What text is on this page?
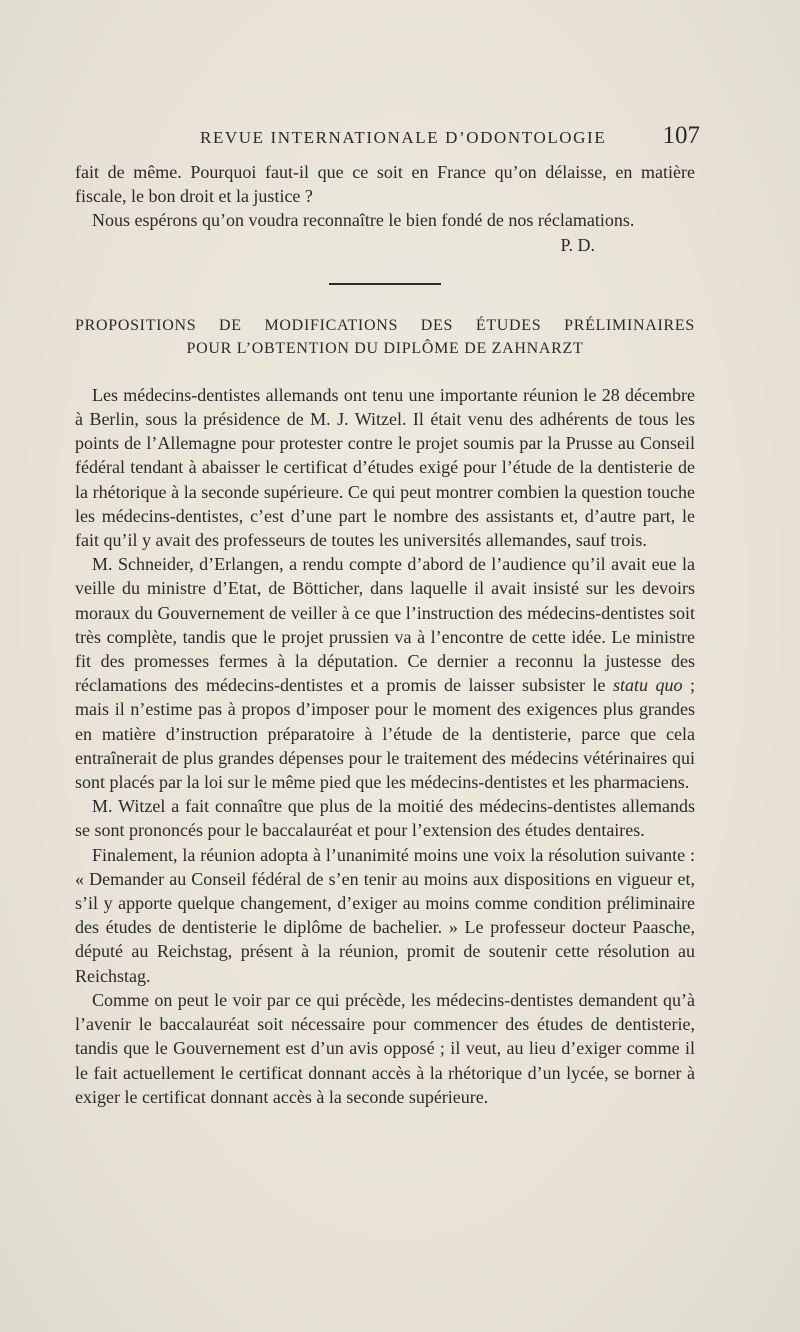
REVUE INTERNATIONALE D’ODONTOLOGIE 107

fait de même. Pourquoi faut-il que ce soit en France qu’on délaisse, en matière fiscale, le bon droit et la justice ?

Nous espérons qu’on voudra reconnaître le bien fondé de nos réclamations.

P. D.

PROPOSITIONS DE MODIFICATIONS DES ÉTUDES PRÉLIMINAIRES
POUR L’OBTENTION DU DIPLÔME DE ZAHNARZT

Les médecins-dentistes allemands ont tenu une importante réunion le 28 décembre à Berlin, sous la présidence de M. J. Witzel. Il était venu des adhérents de tous les points de l’Allemagne pour protester contre le projet soumis par la Prusse au Conseil fédéral tendant à abaisser le certificat d’études exigé pour l’étude de la dentisterie de la rhétorique à la seconde supérieure. Ce qui peut montrer combien la question touche les médecins-dentistes, c’est d’une part le nombre des assistants et, d’autre part, le fait qu’il y avait des professeurs de toutes les universités allemandes, sauf trois.

M. Schneider, d’Erlangen, a rendu compte d’abord de l’audience qu’il avait eue la veille du ministre d’Etat, de Bötticher, dans laquelle il avait insisté sur les devoirs moraux du Gouvernement de veiller à ce que l’instruction des médecins-dentistes soit très complète, tandis que le projet prussien va à l’encontre de cette idée. Le ministre fit des promesses fermes à la députation. Ce dernier a reconnu la justesse des réclamations des médecins-dentistes et a promis de laisser subsister le statu quo ; mais il n’estime pas à propos d’imposer pour le moment des exigences plus grandes en matière d’instruction préparatoire à l’étude de la dentisterie, parce que cela entraînerait de plus grandes dépenses pour le traitement des médecins vétérinaires qui sont placés par la loi sur le même pied que les médecins-dentistes et les pharmaciens.

M. Witzel a fait connaître que plus de la moitié des médecins-dentistes allemands se sont prononcés pour le baccalauréat et pour l’extension des études dentaires.

Finalement, la réunion adopta à l’unanimité moins une voix la résolution suivante : « Demander au Conseil fédéral de s’en tenir au moins aux dispositions en vigueur et, s’il y apporte quelque changement, d’exiger au moins comme condition préliminaire des études de dentisterie le diplôme de bachelier. » Le professeur docteur Paasche, député au Reichstag, présent à la réunion, promit de soutenir cette résolution au Reichstag.

Comme on peut le voir par ce qui précède, les médecins-dentistes demandent qu’à l’avenir le baccalauréat soit nécessaire pour commencer des études de dentisterie, tandis que le Gouvernement est d’un avis opposé ; il veut, au lieu d’exiger comme il le fait actuellement le certificat donnant accès à la rhétorique d’un lycée, se borner à exiger le certificat donnant accès à la seconde supérieure.
